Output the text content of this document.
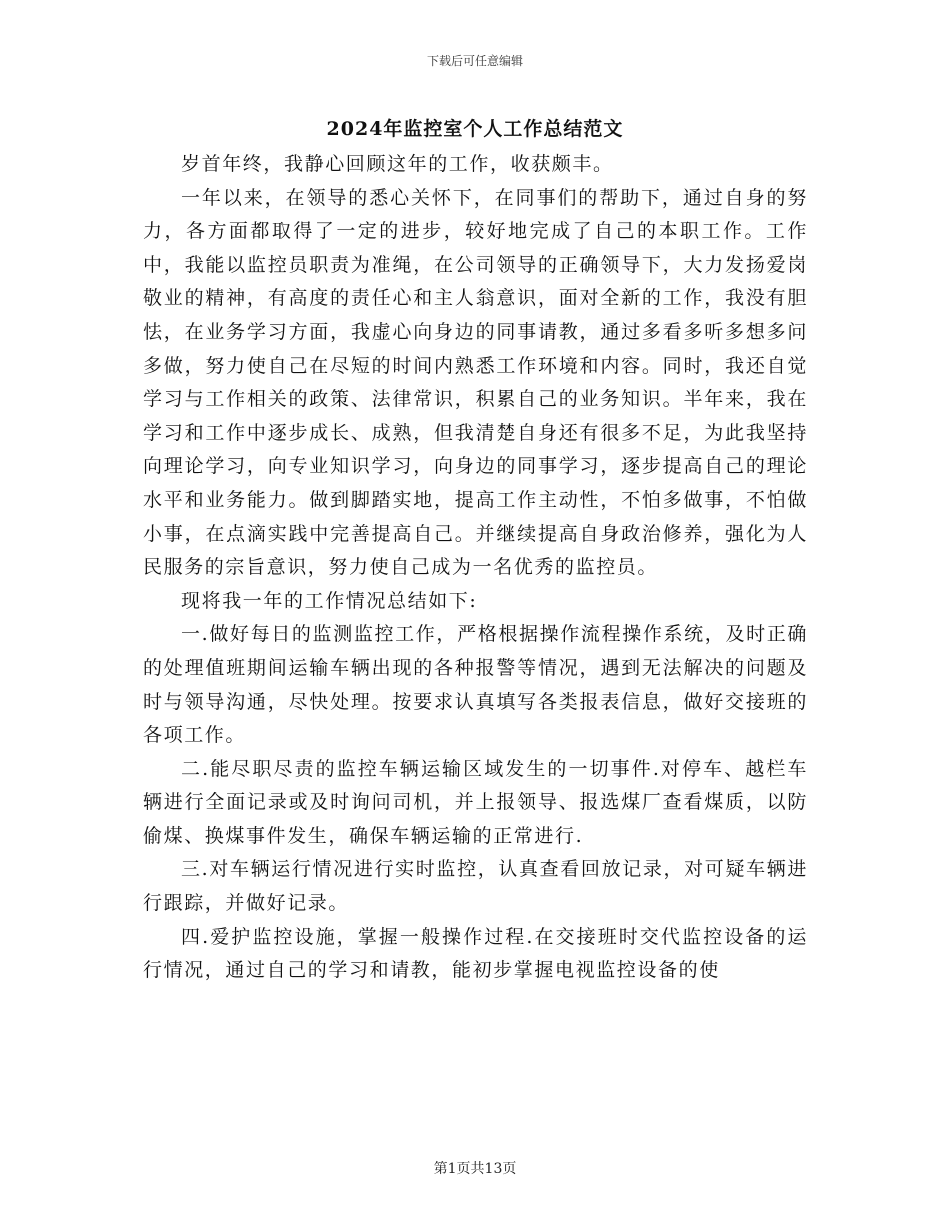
下载后可任意编辑
2024年监控室个人工作总结范文

岁首年终，我静心回顾这年的工作，收获颇丰。

一年以来，在领导的悉心关怀下，在同事们的帮助下，通过自身的努力，各方面都取得了一定的进步，较好地完成了自己的本职工作。工作中，我能以监控员职责为准绳，在公司领导的正确领导下，大力发扬爱岗敬业的精神，有高度的责任心和主人翁意识，面对全新的工作，我没有胆怯，在业务学习方面，我虚心向身边的同事请教，通过多看多听多想多问多做，努力使自己在尽短的时间内熟悉工作环境和内容。同时，我还自觉学习与工作相关的政策、法律常识，积累自己的业务知识。半年来，我在学习和工作中逐步成长、成熟，但我清楚自身还有很多不足，为此我坚持向理论学习，向专业知识学习，向身边的同事学习，逐步提高自己的理论水平和业务能力。做到脚踏实地，提高工作主动性，不怕多做事，不怕做小事，在点滴实践中完善提高自己。并继续提高自身政治修养，强化为人民服务的宗旨意识，努力使自己成为一名优秀的监控员。

现将我一年的工作情况总结如下:

一.做好每日的监测监控工作，严格根据操作流程操作系统，及时正确的处理值班期间运输车辆出现的各种报警等情况，遇到无法解决的问题及时与领导沟通，尽快处理。按要求认真填写各类报表信息，做好交接班的各项工作。

二.能尽职尽责的监控车辆运输区域发生的一切事件.对停车、越栏车辆进行全面记录或及时询问司机，并上报领导、报选煤厂查看煤质，以防偷煤、换煤事件发生，确保车辆运输的正常进行.

三.对车辆运行情况进行实时监控，认真查看回放记录，对可疑车辆进行跟踪，并做好记录。

四.爱护监控设施，掌握一般操作过程.在交接班时交代监控设备的运行情况，通过自己的学习和请教，能初步掌握电视监控设备的使

第1页共13页
